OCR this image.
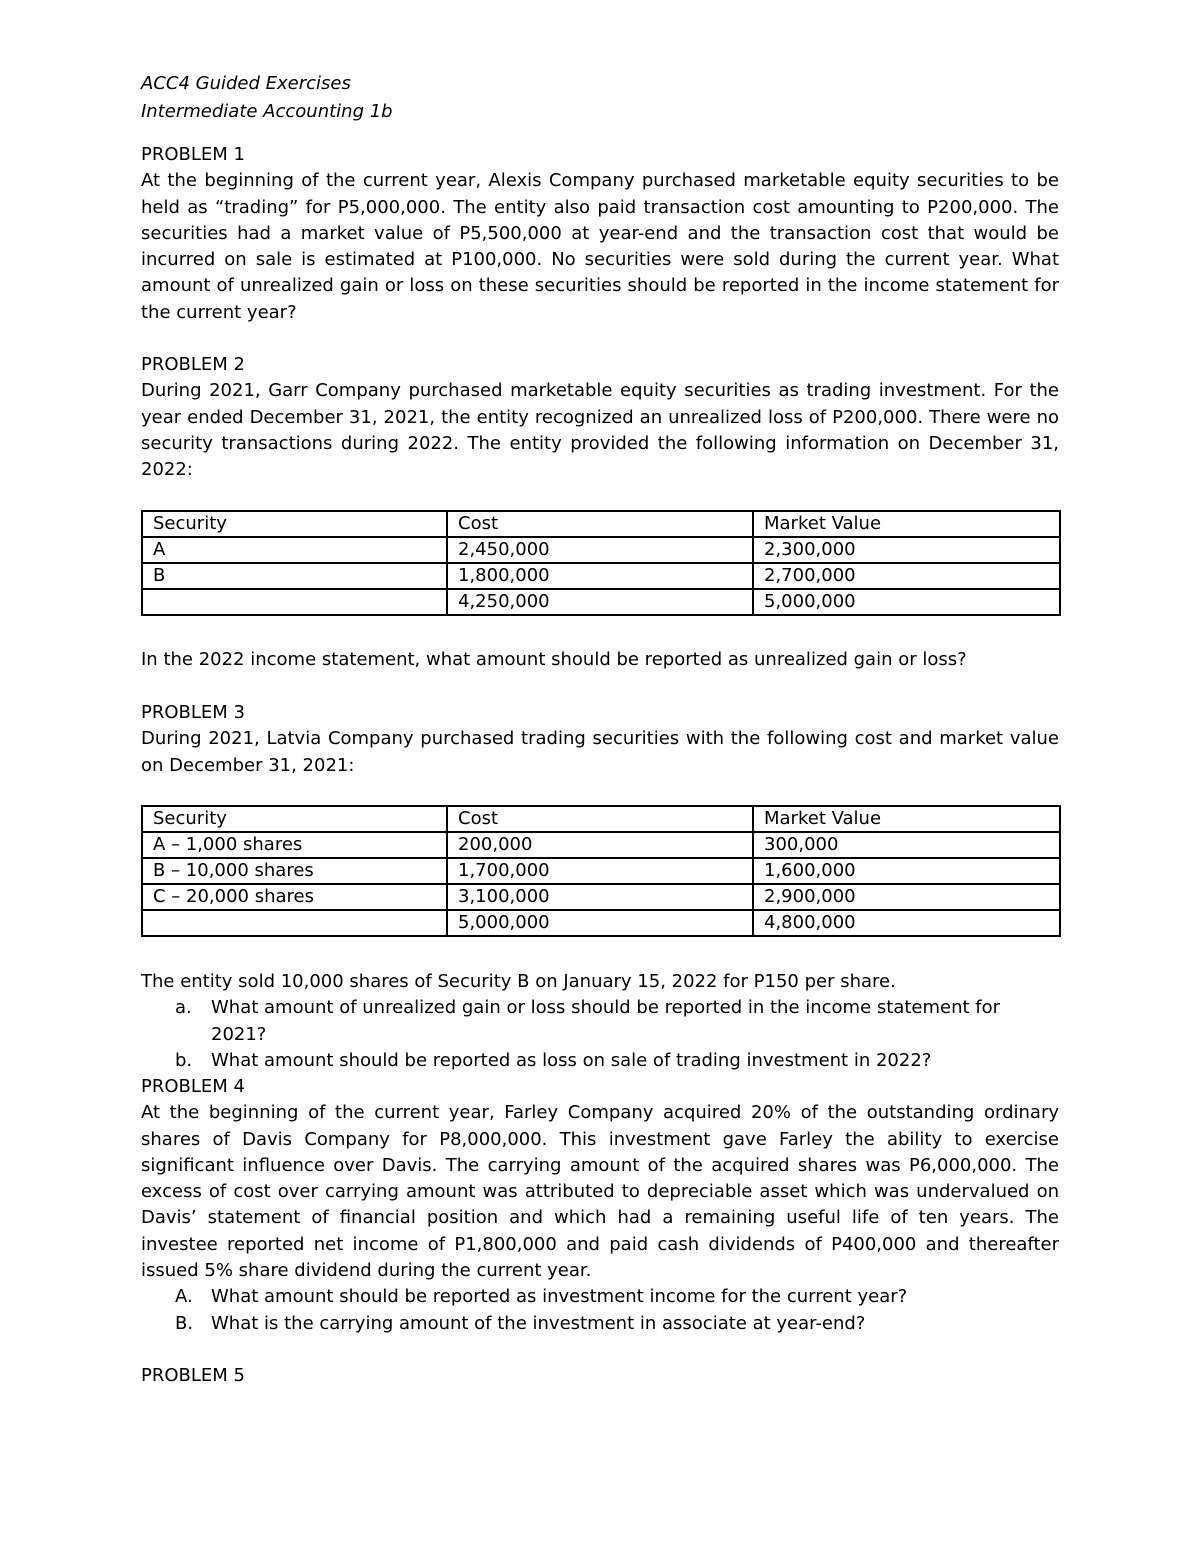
ACC4 Guided Exercises
Intermediate Accounting 1b
PROBLEM 1
At the beginning of the current year, Alexis Company purchased marketable equity securities to be held as “trading” for P5,000,000. The entity also paid transaction cost amounting to P200,000. The securities had a market value of P5,500,000 at year-end and the transaction cost that would be incurred on sale is estimated at P100,000. No securities were sold during the current year. What amount of unrealized gain or loss on these securities should be reported in the income statement for the current year?
PROBLEM 2
During 2021, Garr Company purchased marketable equity securities as trading investment. For the year ended December 31, 2021, the entity recognized an unrealized loss of P200,000. There were no security transactions during 2022. The entity provided the following information on December 31, 2022:
Security	Cost	Market Value
A	2,450,000	2,300,000
B	1,800,000	2,700,000
	4,250,000	5,000,000
In the 2022 income statement, what amount should be reported as unrealized gain or loss?
PROBLEM 3
During 2021, Latvia Company purchased trading securities with the following cost and market value on December 31, 2021:
Security	Cost	Market Value
A – 1,000 shares	200,000	300,000
B – 10,000 shares	1,700,000	1,600,000
C – 20,000 shares	3,100,000	2,900,000
	5,000,000	4,800,000
The entity sold 10,000 shares of Security B on January 15, 2022 for P150 per share.
a. What amount of unrealized gain or loss should be reported in the income statement for 2021?
b. What amount should be reported as loss on sale of trading investment in 2022?
PROBLEM 4
At the beginning of the current year, Farley Company acquired 20% of the outstanding ordinary shares of Davis Company for P8,000,000. This investment gave Farley the ability to exercise significant influence over Davis. The carrying amount of the acquired shares was P6,000,000. The excess of cost over carrying amount was attributed to depreciable asset which was undervalued on Davis’ statement of financial position and which had a remaining useful life of ten years. The investee reported net income of P1,800,000 and paid cash dividends of P400,000 and thereafter issued 5% share dividend during the current year.
A. What amount should be reported as investment income for the current year?
B. What is the carrying amount of the investment in associate at year-end?
PROBLEM 5
